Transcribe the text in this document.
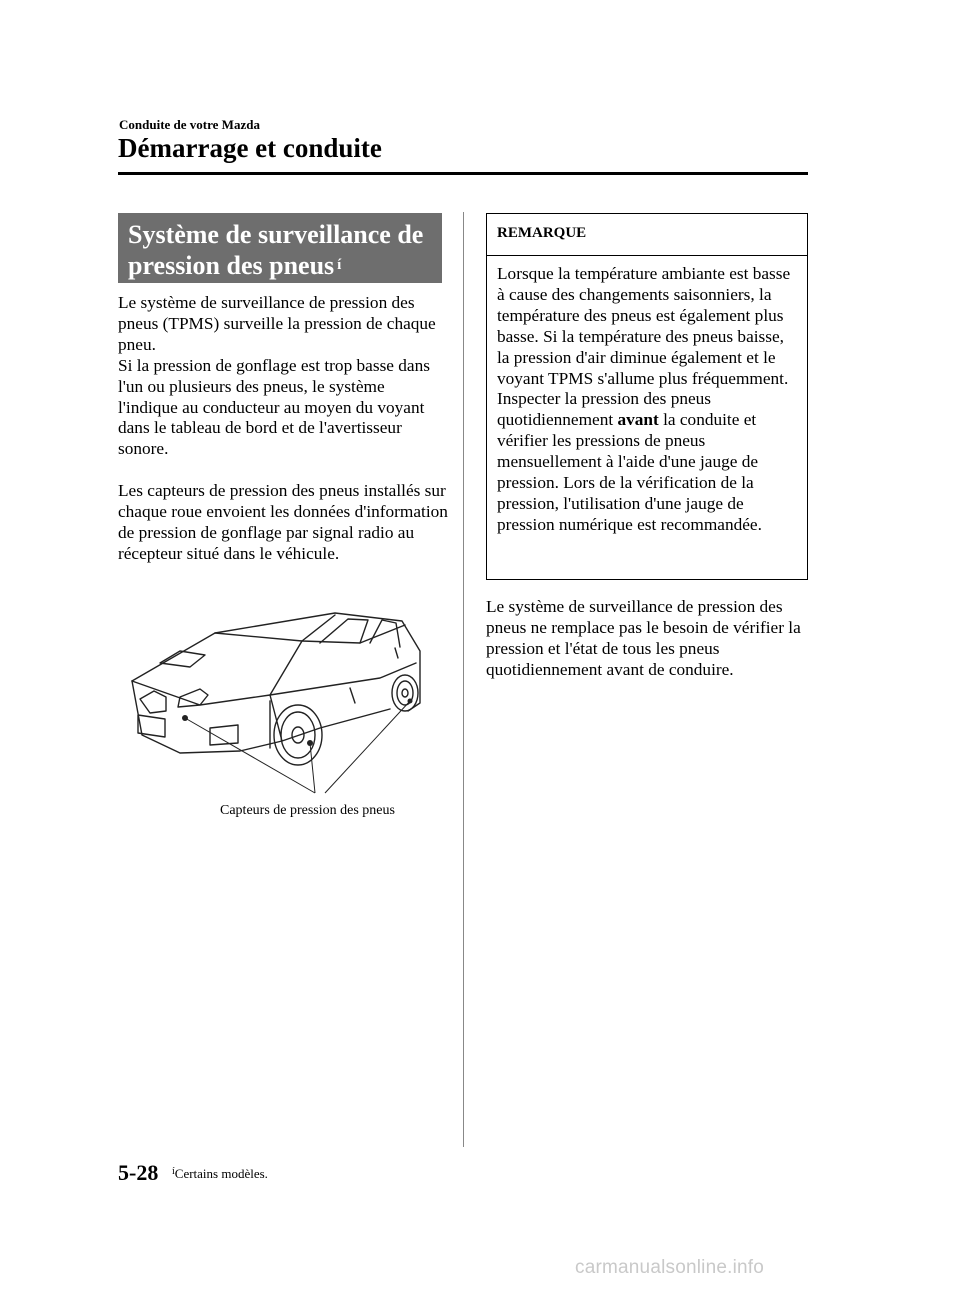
Conduite de votre Mazda
Démarrage et conduite
Système de surveillance de
pression des pneus $^í$
Le système de surveillance de pression des pneus (TPMS) surveille la pression de chaque pneu.
Si la pression de gonflage est trop basse dans l'un ou plusieurs des pneus, le système l'indique au conducteur au moyen du voyant dans le tableau de bord et de l'avertisseur sonore.
Les capteurs de pression des pneus installés sur chaque roue envoient les données d'information de pression de gonflage par signal radio au récepteur situé dans le véhicule.
Capteurs de pression des pneus
REMARQUE
Lorsque la température ambiante est basse à cause des changements saisonniers, la température des pneus est également plus basse. Si la température des pneus baisse, la pression d'air diminue également et le voyant TPMS s'allume plus fréquemment. Inspecter la pression des pneus quotidiennement avant la conduite et vérifier les pressions de pneus mensuellement à l'aide d'une jauge de pression. Lors de la vérification de la pression, l'utilisation d'une jauge de pression numérique est recommandée.
Le système de surveillance de pression des pneus ne remplace pas le besoin de vérifier la pression et l'état de tous les pneus quotidiennement avant de conduire.
5-28 $^í$Certains modèles.
carmanualsonline.info
